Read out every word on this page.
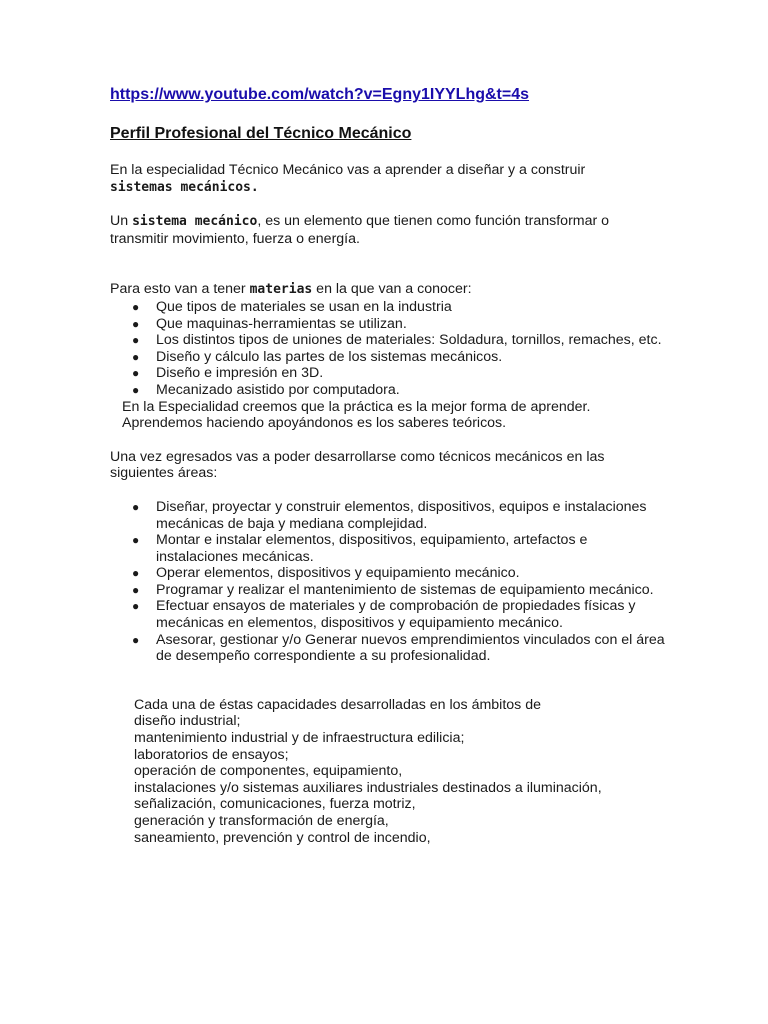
https://www.youtube.com/watch?v=Egny1IYYLhg&t=4s
Perfil Profesional del Técnico Mecánico

En la especialidad Técnico Mecánico vas a aprender a diseñar y a construir
sistemas mecánicos.

Un sistema mecánico, es un elemento que tienen como función transformar o
transmitir movimiento, fuerza o energía.

Para esto van a tener materias en la que van a conocer:

● Que tipos de materiales se usan en la industria
● Que maquinas-herramientas se utilizan.
● Los distintos tipos de uniones de materiales: Soldadura, tornillos, remaches, etc.
● Diseño y cálculo las partes de los sistemas mecánicos.
● Diseño e impresión en 3D.
● Mecanizado asistido por computadora.

En la Especialidad creemos que la práctica es la mejor forma de aprender.

Aprendemos haciendo apoyándonos es los saberes teóricos.

Una vez egresados vas a poder desarrollarse como técnicos mecánicos en las siguientes áreas:

● Diseñar, proyectar y construir elementos, dispositivos, equipos e instalaciones mecánicas de baja y mediana complejidad.
● Montar e instalar elementos, dispositivos, equipamiento, artefactos e instalaciones mecánicas.
● Operar elementos, dispositivos y equipamiento mecánico.
● Programar y realizar el mantenimiento de sistemas de equipamiento mecánico.
● Efectuar ensayos de materiales y de comprobación de propiedades físicas y mecánicas en elementos, dispositivos y equipamiento mecánico.
● Asesorar, gestionar y/o Generar nuevos emprendimientos vinculados con el área de desempeño correspondiente a su profesionalidad.

Cada una de éstas capacidades desarrolladas en los ámbitos de

diseño industrial;

mantenimiento industrial y de infraestructura edilicia;

laboratorios de ensayos;

operación de componentes, equipamiento,

instalaciones y/o sistemas auxiliares industriales destinados a iluminación,

señalización, comunicaciones, fuerza motriz,

generación y transformación de energía,

saneamiento, prevención y control de incendio,
